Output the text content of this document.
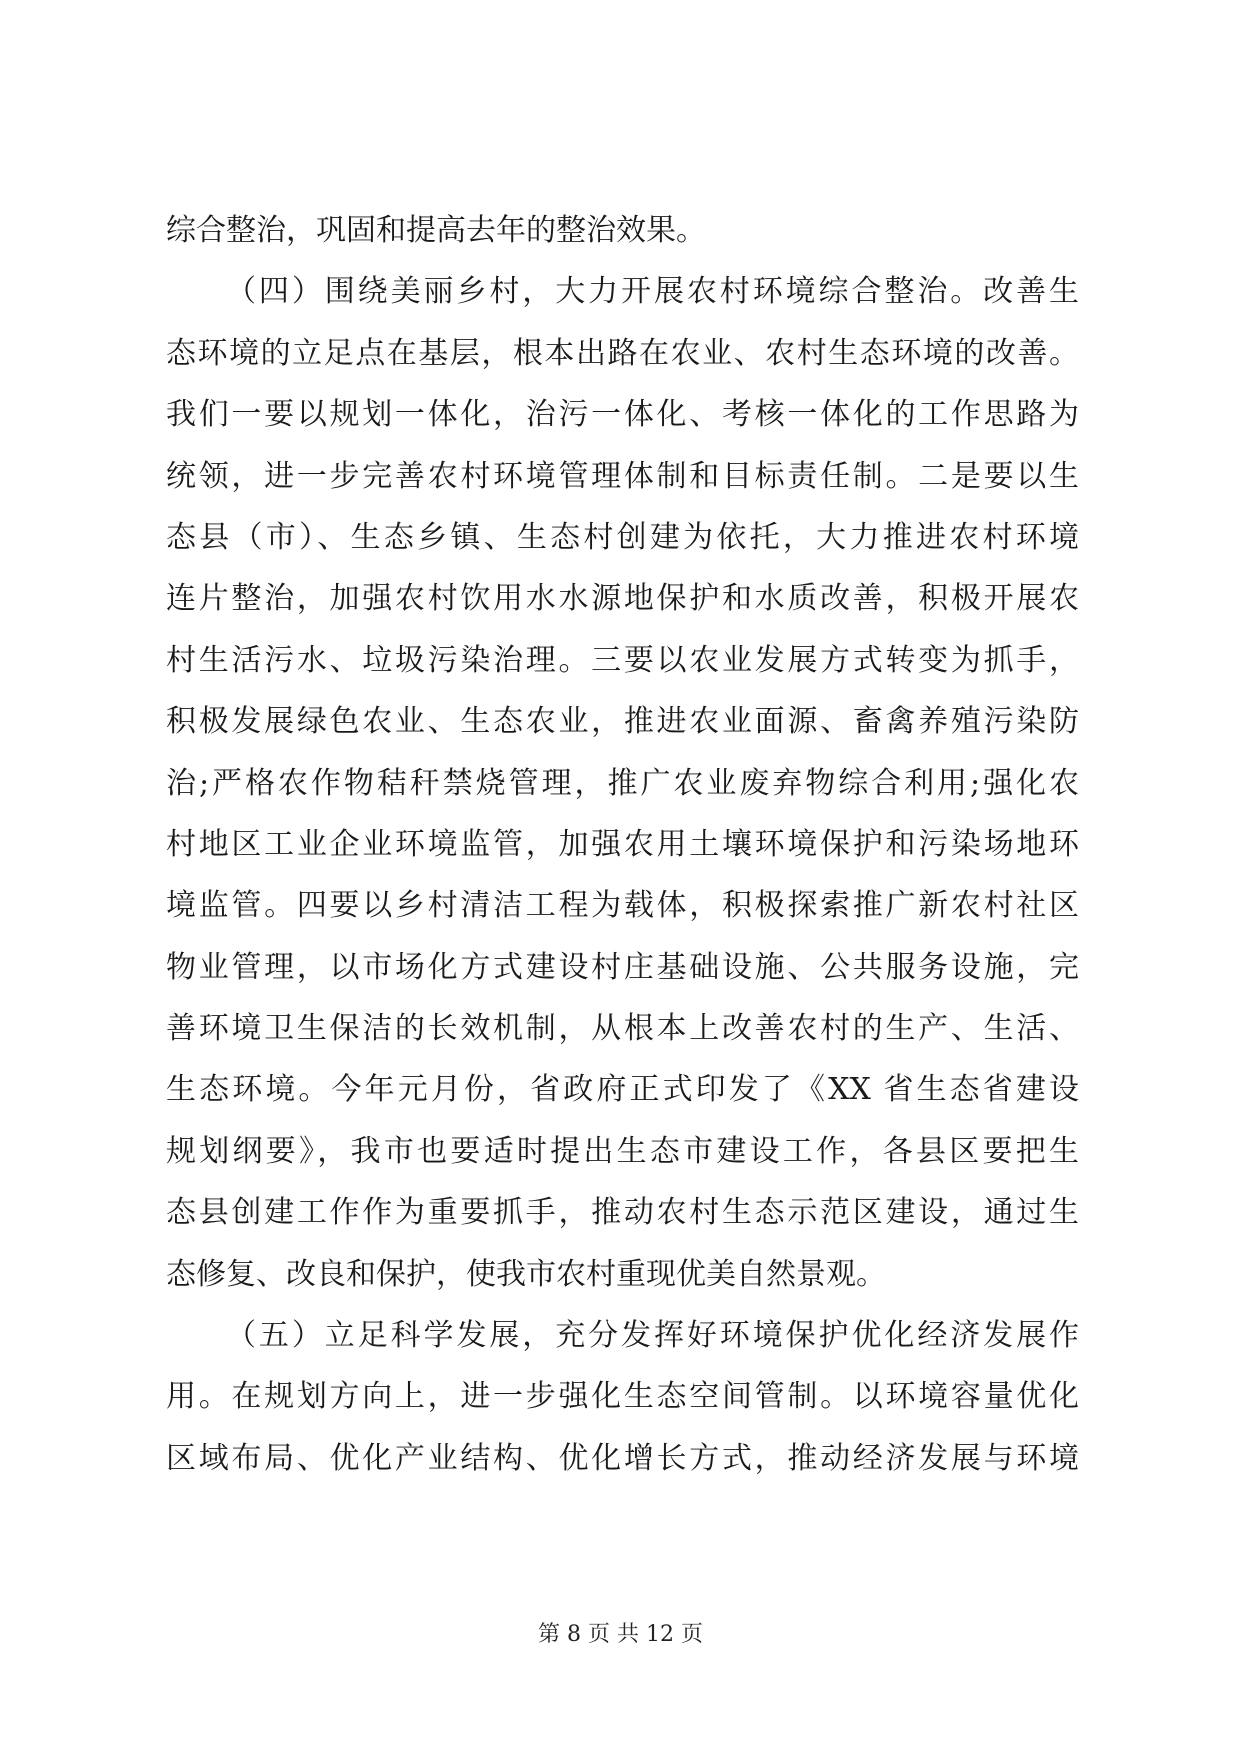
综合整治，巩固和提高去年的整治效果。
（四）围绕美丽乡村，大力开展农村环境综合整治。改善生
态环境的立足点在基层，根本出路在农业、农村生态环境的改善。
我们一要以规划一体化，治污一体化、考核一体化的工作思路为
统领，进一步完善农村环境管理体制和目标责任制。二是要以生
态县（市）、生态乡镇、生态村创建为依托，大力推进农村环境
连片整治，加强农村饮用水水源地保护和水质改善，积极开展农
村生活污水、垃圾污染治理。三要以农业发展方式转变为抓手，
积极发展绿色农业、生态农业，推进农业面源、畜禽养殖污染防
治;严格农作物秸秆禁烧管理，推广农业废弃物综合利用;强化农
村地区工业企业环境监管，加强农用土壤环境保护和污染场地环
境监管。四要以乡村清洁工程为载体，积极探索推广新农村社区
物业管理，以市场化方式建设村庄基础设施、公共服务设施，完
善环境卫生保洁的长效机制，从根本上改善农村的生产、生活、
生态环境。今年元月份，省政府正式印发了《XX 省生态省建设
规划纲要》，我市也要适时提出生态市建设工作，各县区要把生
态县创建工作作为重要抓手，推动农村生态示范区建设，通过生
态修复、改良和保护，使我市农村重现优美自然景观。
（五）立足科学发展，充分发挥好环境保护优化经济发展作
用。在规划方向上，进一步强化生态空间管制。以环境容量优化
区域布局、优化产业结构、优化增长方式，推动经济发展与环境
第 8 页 共 12 页
